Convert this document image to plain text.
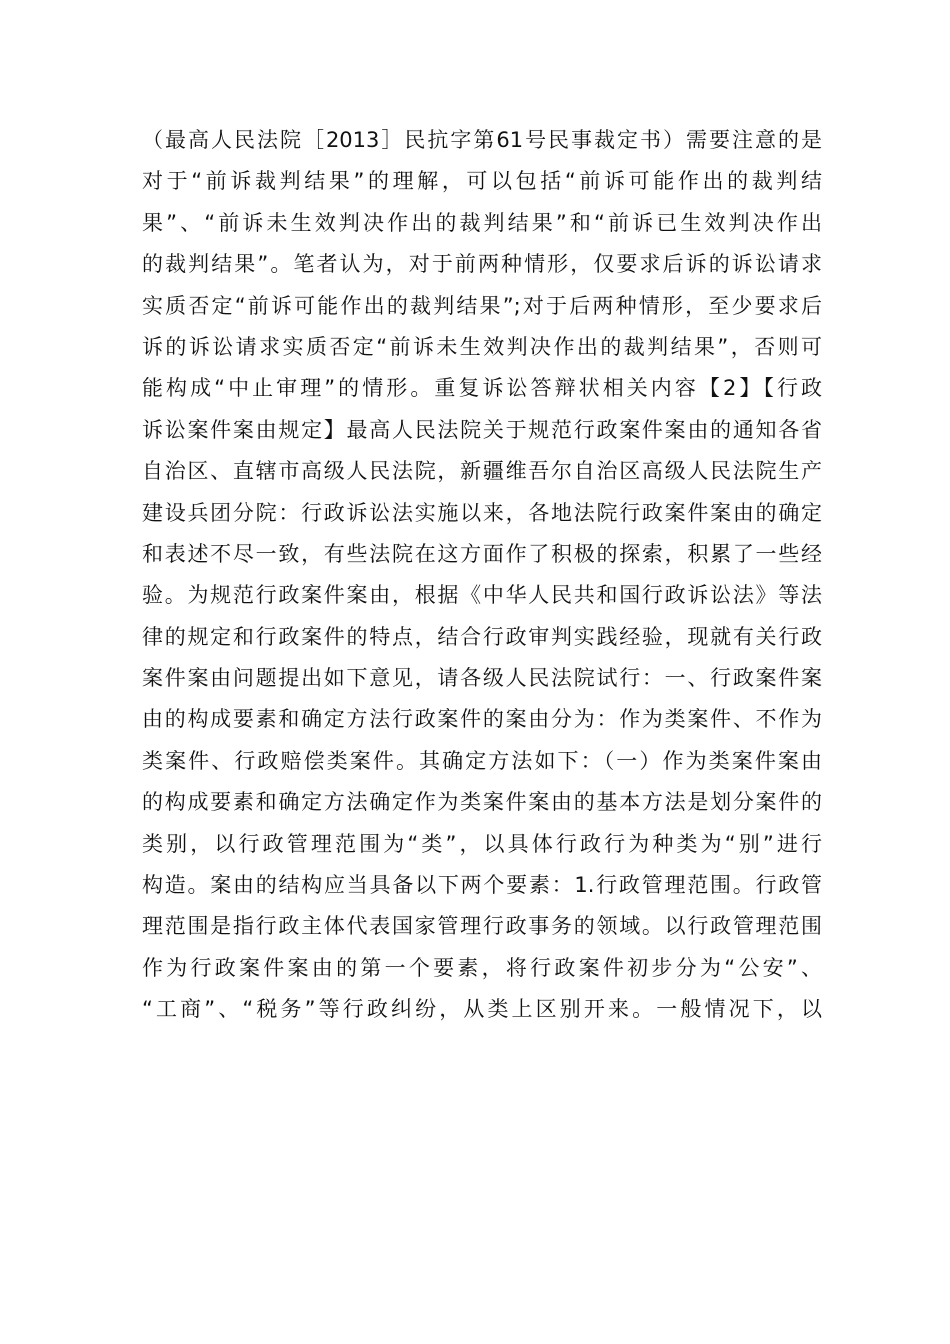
（最高人民法院［2013］民抗字第61号民事裁定书）需要注意的是
对于“前诉裁判结果”的理解，可以包括“前诉可能作出的裁判结
果”、“前诉未生效判决作出的裁判结果”和“前诉已生效判决作出
的裁判结果”。笔者认为，对于前两种情形，仅要求后诉的诉讼请求
实质否定“前诉可能作出的裁判结果”;对于后两种情形，至少要求后
诉的诉讼请求实质否定“前诉未生效判决作出的裁判结果”，否则可
能构成“中止审理”的情形。重复诉讼答辩状相关内容【2】【行政
诉讼案件案由规定】最高人民法院关于规范行政案件案由的通知各省
自治区、直辖市高级人民法院，新疆维吾尔自治区高级人民法院生产
建设兵团分院：行政诉讼法实施以来，各地法院行政案件案由的确定
和表述不尽一致，有些法院在这方面作了积极的探索，积累了一些经
验。为规范行政案件案由，根据《中华人民共和国行政诉讼法》等法
律的规定和行政案件的特点，结合行政审判实践经验，现就有关行政
案件案由问题提出如下意见，请各级人民法院试行：一、行政案件案
由的构成要素和确定方法行政案件的案由分为：作为类案件、不作为
类案件、行政赔偿类案件。其确定方法如下：（一）作为类案件案由
的构成要素和确定方法确定作为类案件案由的基本方法是划分案件的
类别，以行政管理范围为“类”，以具体行政行为种类为“别”进行
构造。案由的结构应当具备以下两个要素：1.行政管理范围。行政管
理范围是指行政主体代表国家管理行政事务的领域。以行政管理范围
作为行政案件案由的第一个要素，将行政案件初步分为“公安”、
“工商”、“税务”等行政纠纷，从类上区别开来。一般情况下，以
